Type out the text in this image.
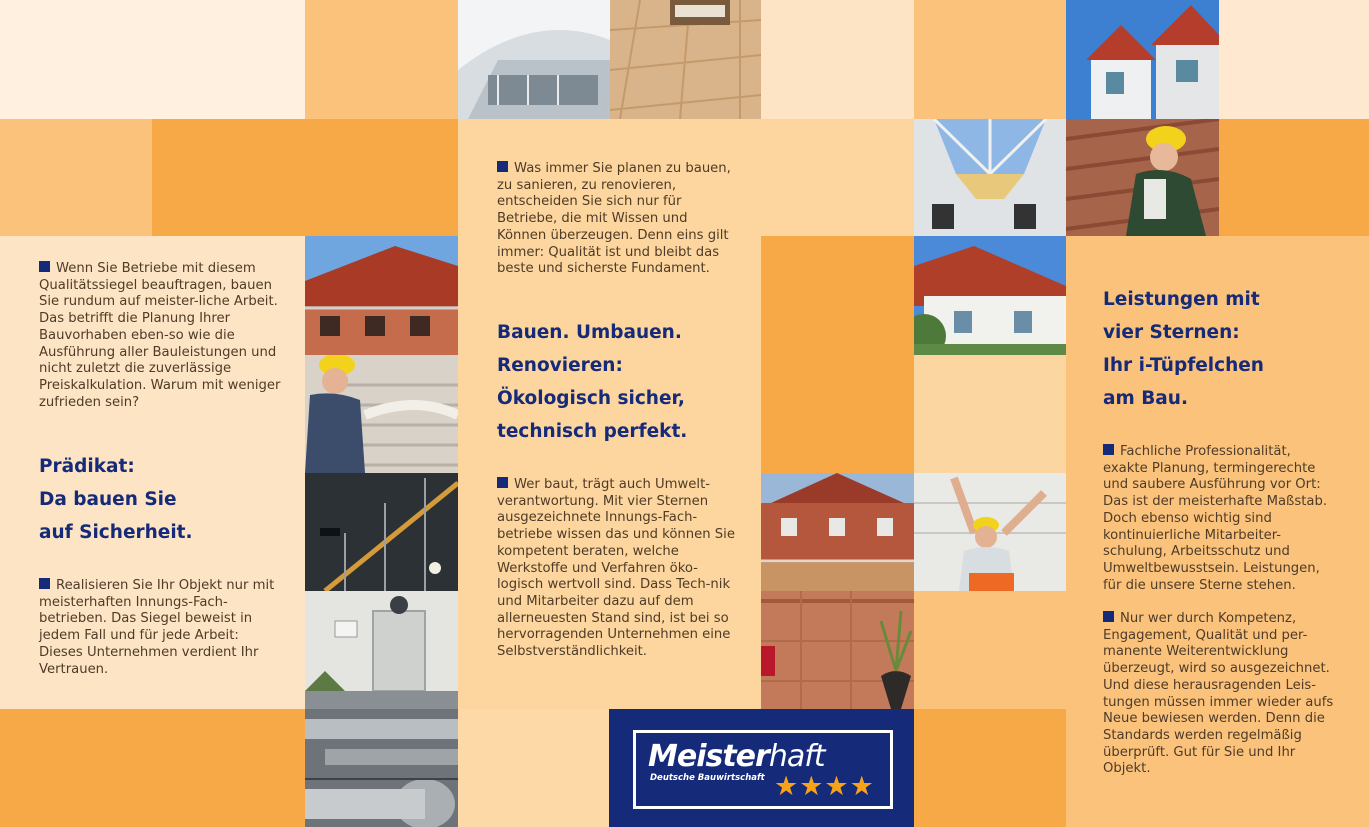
Wenn Sie Betriebe mit diesem Qualitätssiegel beauftragen, bauen Sie rundum auf meister-liche Arbeit. Das betrifft die Planung Ihrer Bauvorhaben eben-so wie die Ausführung aller Bauleistungen und nicht zuletzt die zuverlässige Preiskalkulation. Warum mit weniger zufrieden sein?

Prädikat:
Da bauen Sie
auf Sicherheit.

Realisieren Sie Ihr Objekt nur mit meisterhaften Innungs-Fach-betrieben. Das Siegel beweist in jedem Fall und für jede Arbeit: Dieses Unternehmen verdient Ihr Vertrauen.

Was immer Sie planen zu bauen, zu sanieren, zu renovieren, entscheiden Sie sich nur für Betriebe, die mit Wissen und Können überzeugen. Denn eins gilt immer: Qualität ist und bleibt das beste und sicherste Fundament.

Bauen. Umbauen.
Renovieren:
Ökologisch sicher,
technisch perfekt.

Wer baut, trägt auch Umwelt-verantwortung. Mit vier Sternen ausgezeichnete Innungs-Fach-betriebe wissen das und können Sie kompetent beraten, welche Werkstoffe und Verfahren öko-logisch wertvoll sind. Dass Tech-nik und Mitarbeiter dazu auf dem allerneuesten Stand sind, ist bei so hervorragenden Unternehmen eine Selbstverständlichkeit.

Leistungen mit
vier Sternen:
Ihr i-Tüpfelchen
am Bau.

Fachliche Professionalität, exakte Planung, termingerechte und saubere Ausführung vor Ort: Das ist der meisterhafte Maßstab. Doch ebenso wichtig sind kontinuierliche Mitarbeiter-schulung, Arbeitsschutz und Umweltbewusstsein. Leistungen, für die unsere Sterne stehen.

Nur wer durch Kompetenz, Engagement, Qualität und per-manente Weiterentwicklung überzeugt, wird so ausgezeichnet. Und diese herausragenden Leis-tungen müssen immer wieder aufs Neue bewiesen werden. Denn die Standards werden regelmäßig überprüft. Gut für Sie und Ihr Objekt.

Meisterhaft
Deutsche Bauwirtschaft ★★★★
